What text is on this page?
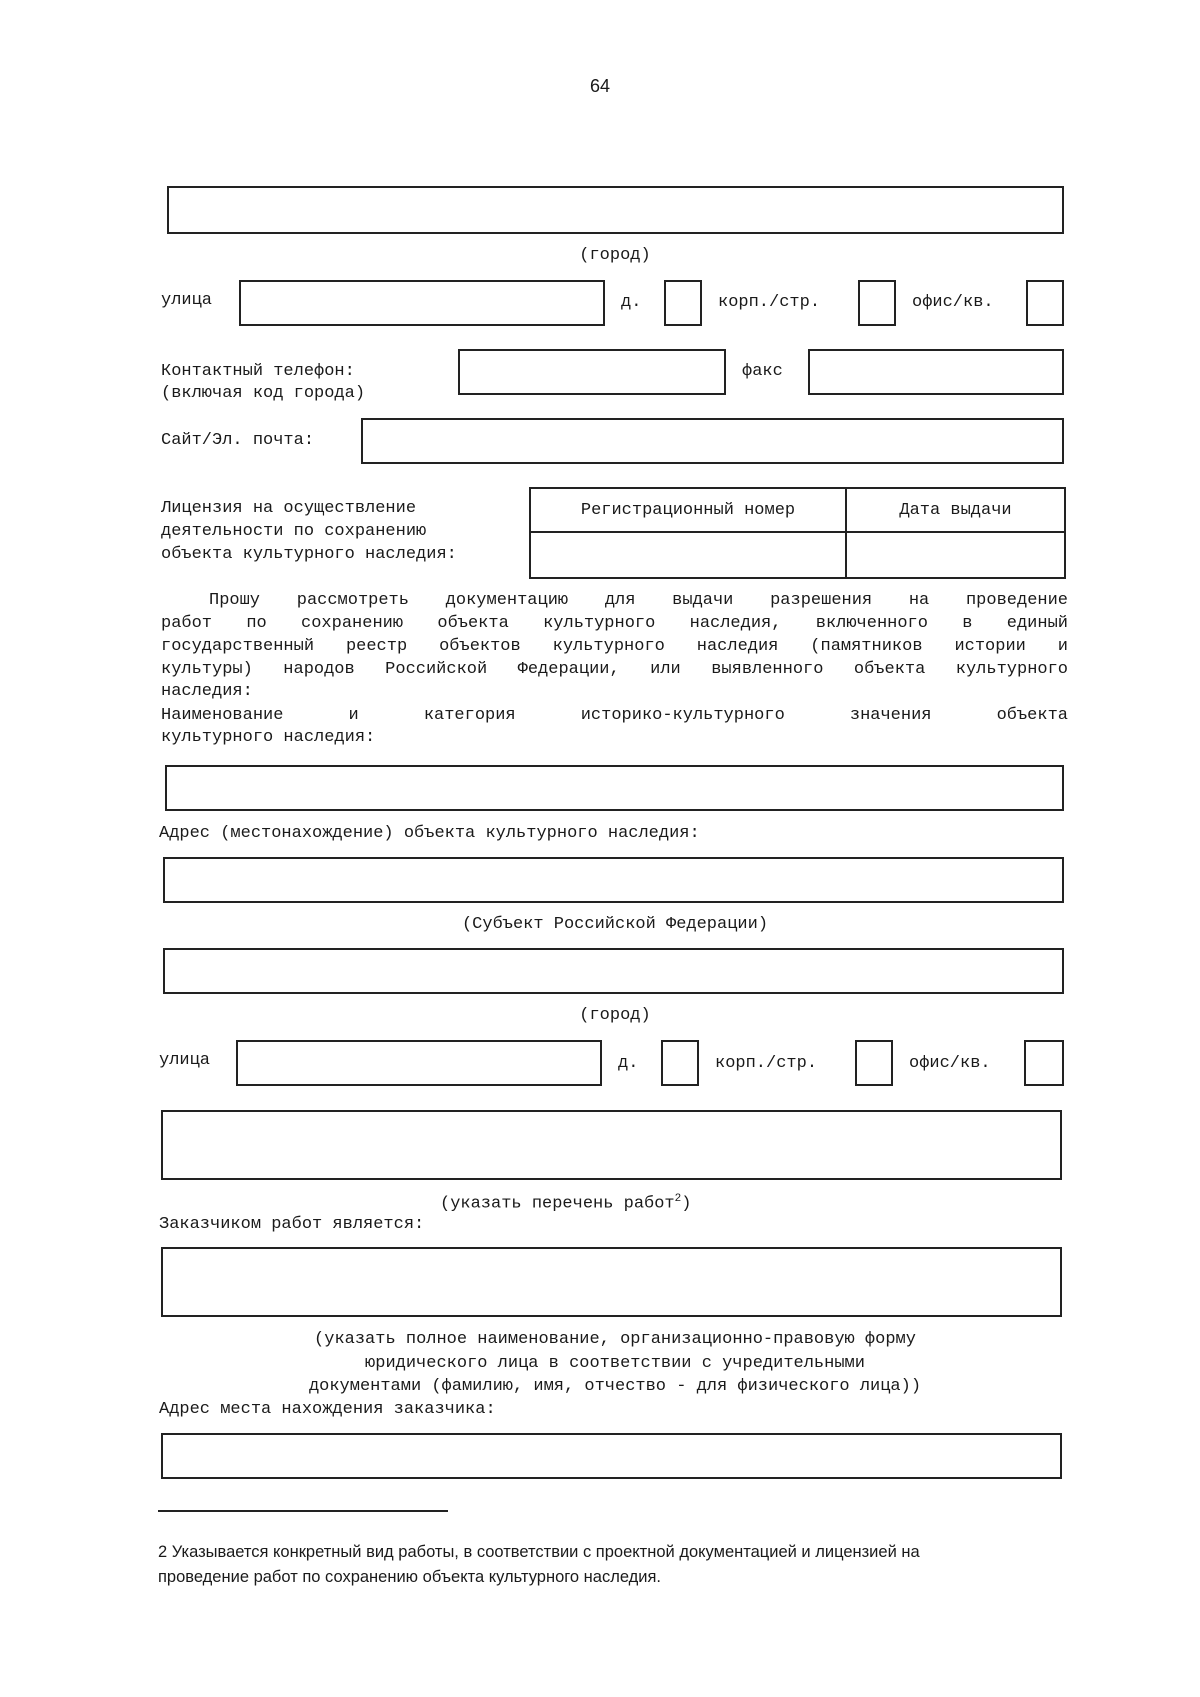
64
(город)
улица	д.	корп./стр.	офис/кв.
Контактный телефон:
(включая код города)
факс
Сайт/Эл. почта:
Лицензия на осуществление
деятельности по сохранению
объекта культурного наследия:
Регистрационный номер	Дата выдачи

Прошу рассмотреть документацию для выдачи разрешения на проведение
работ по сохранению объекта культурного наследия, включенного в единый
государственный реестр объектов культурного наследия (памятников истории и
культуры) народов Российской Федерации, или выявленного объекта культурного
наследия:
Наименование и категория историко-культурного значения объекта
культурного наследия:
Адрес (местонахождение) объекта культурного наследия:
(Субъект Российской Федерации)
(город)
улица	д.	корп./стр.	офис/кв.
(указать перечень работ$^2$)
Заказчиком работ является:
(указать полное наименование, организационно-правовую форму
юридического лица в соответствии с учредительными
документами (фамилию, имя, отчество - для физического лица))
Адрес места нахождения заказчика:
2 Указывается конкретный вид работы, в соответствии с проектной документацией и лицензией на
проведение работ по сохранению объекта культурного наследия.
